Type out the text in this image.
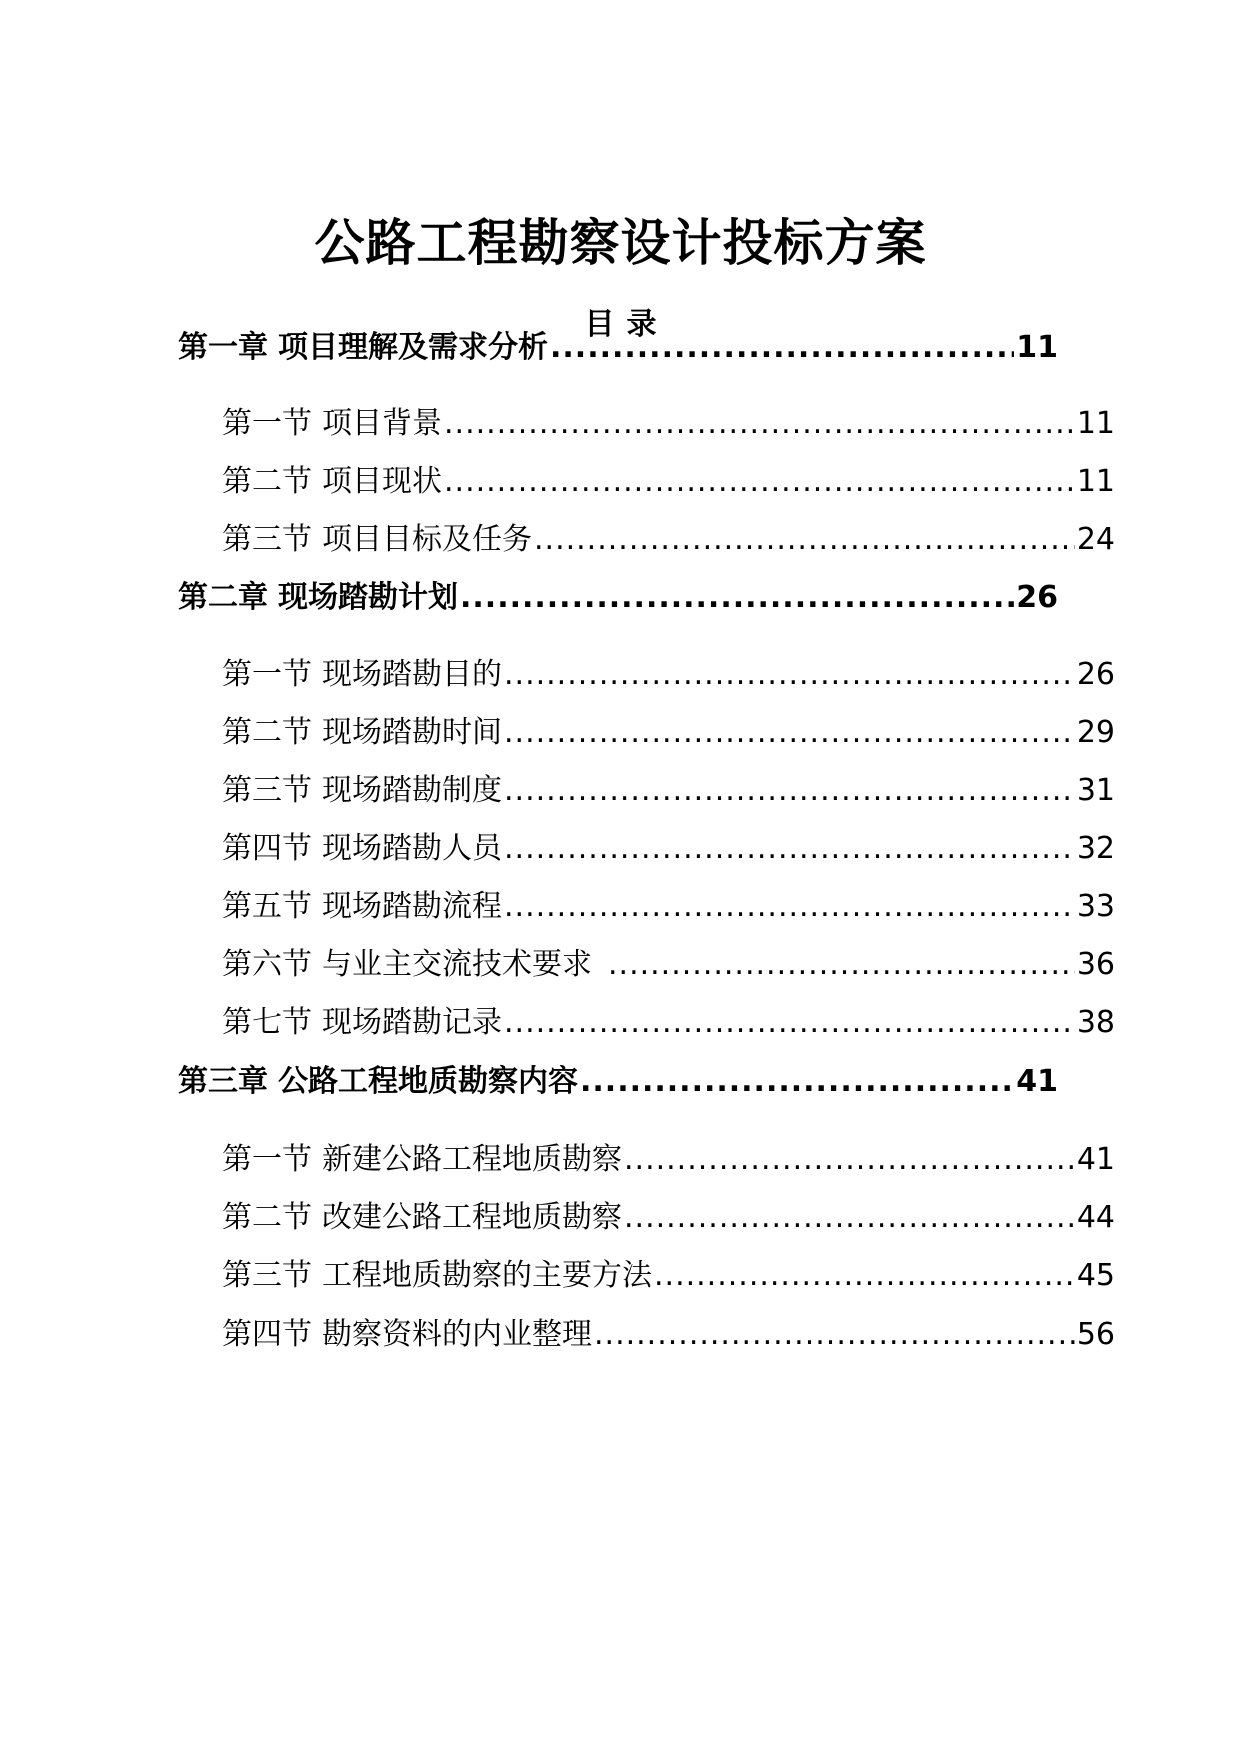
公路工程勘察设计投标方案
目 录
第一章 项目理解及需求分析 .....	11
第一节 项目背景 .....	11
第二节 项目现状 .....	11
第三节 项目目标及任务 .....	24
第二章 现场踏勘计划 .....	26
第一节 现场踏勘目的 .....	26
第二节 现场踏勘时间 .....	29
第三节 现场踏勘制度 .....	31
第四节 现场踏勘人员 .....	32
第五节 现场踏勘流程 .....	33
第六节 与业主交流技术要求 .....	36
第七节 现场踏勘记录 .....	38
第三章 公路工程地质勘察内容 .....	41
第一节 新建公路工程地质勘察 .....	41
第二节 改建公路工程地质勘察 .....	44
第三节 工程地质勘察的主要方法 .....	45
第四节 勘察资料的内业整理 .....	56
